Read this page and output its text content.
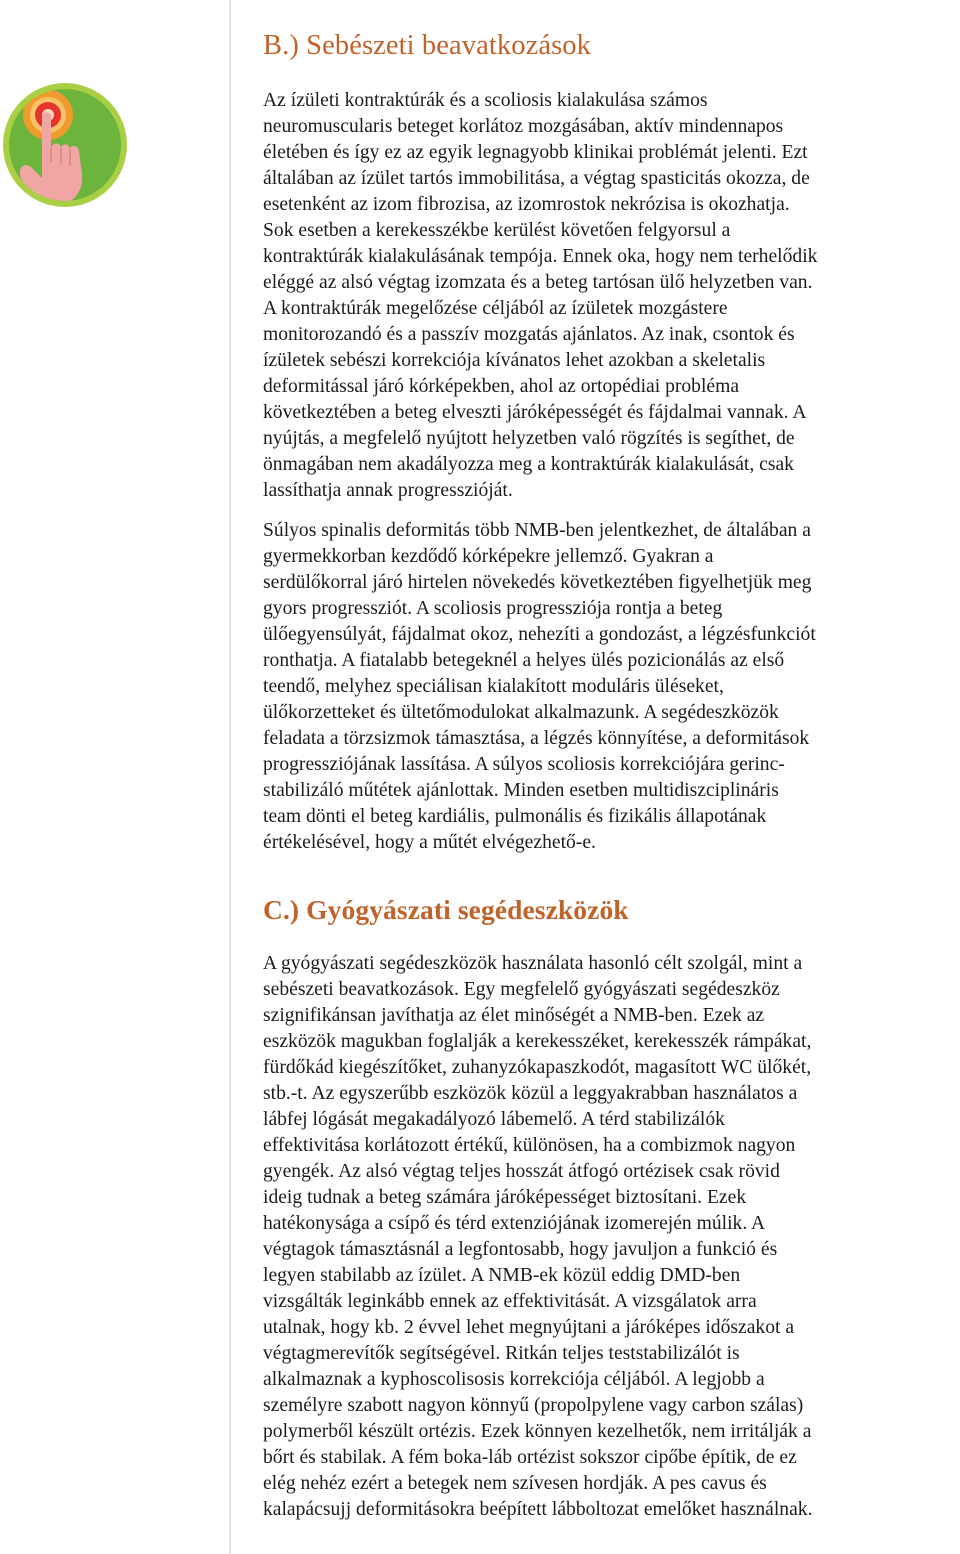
B.) Sebészeti beavatkozások

Az ízületi kontraktúrák és a scoliosis kialakulása számos
neuromuscularis beteget korlátoz mozgásában, aktív mindennapos
életében és így ez az egyik legnagyobb klinikai problémát jelenti. Ezt
általában az ízület tartós immobilitása, a végtag spasticitás okozza, de
esetenként az izom fibrozisa, az izomrostok nekrózisa is okozhatja.
Sok esetben a kerekesszékbe kerülést követően felgyorsul a
kontraktúrák kialakulásának tempója. Ennek oka, hogy nem terhelődik
eléggé az alsó végtag izomzata és a beteg tartósan ülő helyzetben van.
A kontraktúrák megelőzése céljából az ízületek mozgástere
monitorozandó és a passzív mozgatás ajánlatos. Az inak, csontok és
ízületek sebészi korrekciója kívánatos lehet azokban a skeletalis
deformitással járó kórképekben, ahol az ortopédiai probléma
következtében a beteg elveszti járóképességét és fájdalmai vannak. A
nyújtás, a megfelelő nyújtott helyzetben való rögzítés is segíthet, de
önmagában nem akadályozza meg a kontraktúrák kialakulását, csak
lassíthatja annak progresszióját.

Súlyos spinalis deformitás több NMB-ben jelentkezhet, de általában a
gyermekkorban kezdődő kórképekre jellemző. Gyakran a
serdülőkorral járó hirtelen növekedés következtében figyelhetjük meg
gyors progressziót. A scoliosis progressziója rontja a beteg
ülőegyensúlyát, fájdalmat okoz, nehezíti a gondozást, a légzésfunkciót
ronthatja. A fiatalabb betegeknél a helyes ülés pozicionálás az első
teendő, melyhez speciálisan kialakított moduláris üléseket,
ülőkorzetteket és ültetőmodulokat alkalmazunk. A segédeszközök
feladata a törzsizmok támasztása, a légzés könnyítése, a deformitások
progressziójának lassítása. A súlyos scoliosis korrekciójára gerinc-
stabilizáló műtétek ajánlottak. Minden esetben multidiszciplináris
team dönti el beteg kardiális, pulmonális és fizikális állapotának
értékelésével, hogy a műtét elvégezhető-e.

C.) Gyógyászati segédeszközök

A gyógyászati segédeszközök használata hasonló célt szolgál, mint a
sebészeti beavatkozások. Egy megfelelő gyógyászati segédeszköz
szignifikánsan javíthatja az élet minőségét a NMB-ben. Ezek az
eszközök magukban foglalják a kerekesszéket, kerekesszék rámpákat,
fürdőkád kiegészítőket, zuhanyzókapaszkodót, magasított WC ülőkét,
stb.-t. Az egyszerűbb eszközök közül a leggyakrabban használatos a
lábfej lógását megakadályozó lábemelő. A térd stabilizálók
effektivitása korlátozott értékű, különösen, ha a combizmok nagyon
gyengék. Az alsó végtag teljes hosszát átfogó ortézisek csak rövid
ideig tudnak a beteg számára járóképességet biztosítani. Ezek
hatékonysága a csípő és térd extenziójának izomerején múlik. A
végtagok támasztásnál a legfontosabb, hogy javuljon a funkció és
legyen stabilabb az ízület. A NMB-ek közül eddig DMD-ben
vizsgálták leginkább ennek az effektivitását. A vizsgálatok arra
utalnak, hogy kb. 2 évvel lehet megnyújtani a járóképes időszakot a
végtagmerevítők segítségével. Ritkán teljes teststabilizálót is
alkalmaznak a kyphoscolisosis korrekciója céljából. A legjobb a
személyre szabott nagyon könnyű (propolpylene vagy carbon szálas)
polymerből készült ortézis. Ezek könnyen kezelhetők, nem irritálják a
bőrt és stabilak. A fém boka-láb ortézist sokszor cipőbe építik, de ez
elég nehéz ezért a betegek nem szívesen hordják. A pes cavus és
kalapácsujj deformitásokra beépített lábboltozat emelőket használnak.
